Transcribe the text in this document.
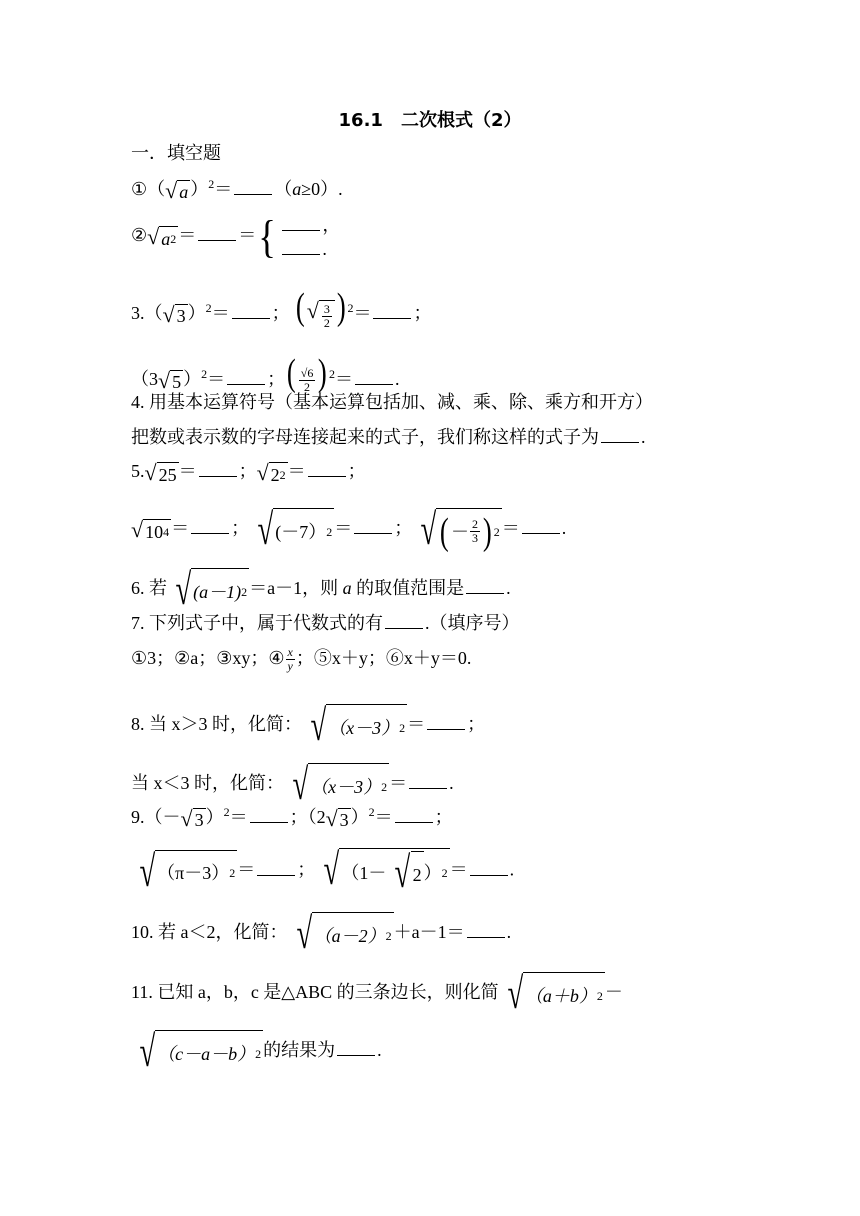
16.1　二次根式（2）
一．填空题
①（ √ a ）$^2$＝ （a≥0）.
② √ a 2 ＝ ＝ {	，
.
3.（ √ 3 ）$^2$＝ ； ( √ $\frac{3}{2}$ ) $^2$＝ ；
（3 √ 5 ）$^2$＝ ；( $\frac{√6}{2}$ ) $^2$＝ .
4. 用基本运算符号（基本运算包括加、减、乘、除、乘方和开方）
把数或表示数的字母连接起来的式子，我们称这样的式子为 .
5. √ 25 ＝ ； √ 2 2 ＝ ；
√ 10 4 ＝ ； √ (－7） 2 ＝ ； √ ( － $\frac{2}{3}$ ) 2 ＝ .
6. 若 √ (a－1) 2 ＝a－1，则 a 的取值范围是 .
7. 下列式子中，属于代数式的有 .（填序号）
①3；②a；③xy；④ $\frac{x}{y}$ ；⑤x＋y；⑥x＋y＝0.
8. 当 x＞3 时，化简： √ （x－3） 2 ＝ ；
当 x＜3 时，化简： √ （x－3） 2 ＝ .
9.（－ √ 3 ）$^2$＝ ；（2 √ 3 ）$^2$＝ ；
√ （π－3） 2 ＝ ； √ （1－ √ 2 ） 2 ＝ .
10. 若 a＜2，化简： √ （a－2） 2 ＋a－1＝ .
11. 已知 a，b，c 是△ABC 的三条边长，则化简 √ （a＋b） 2 －
√ （c－a－b） 2 的结果为 .
